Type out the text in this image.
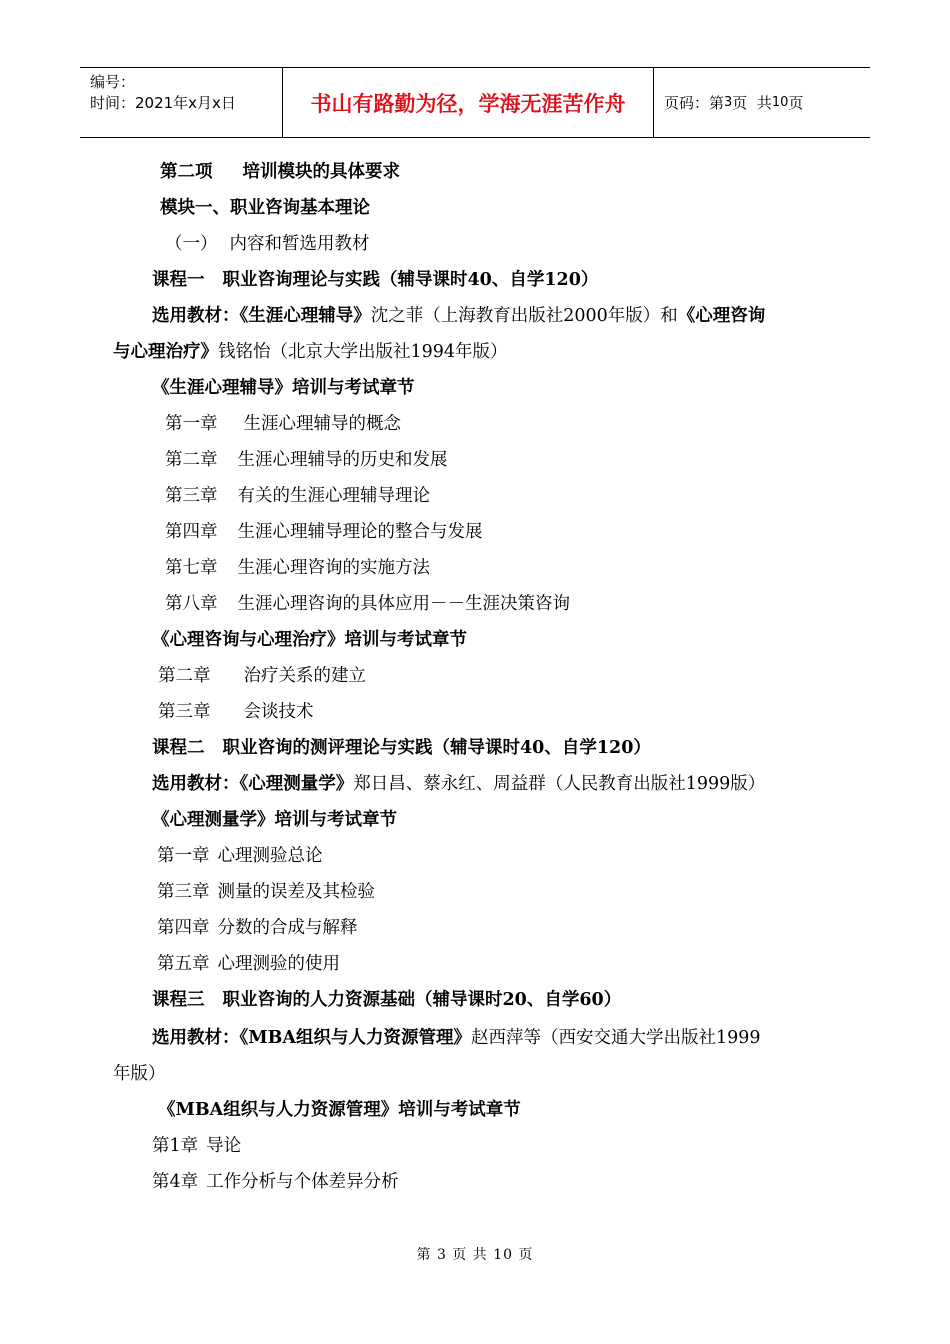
编号：
时间：2021年x月x日	书山有路勤为径，学海无涯苦作舟	页码：第 3 页  共 10 页
第二项 培训模块的具体要求
模块一、职业咨询基本理论
（一） 内容和暂选用教材
课程一 职业咨询理论与实践（辅导课时40、自学120）
选用教材：《生涯心理辅导》沈之菲（上海教育出版社2000年版）和《心理咨询
与心理治疗》钱铭怡（北京大学出版社1994年版）
《生涯心理辅导》培训与考试章节
第一章 生涯心理辅导的概念
第二章 生涯心理辅导的历史和发展
第三章 有关的生涯心理辅导理论
第四章 生涯心理辅导理论的整合与发展
第七章 生涯心理咨询的实施方法
第八章 生涯心理咨询的具体应用－－生涯决策咨询
《心理咨询与心理治疗》培训与考试章节
第二章 治疗关系的建立
第三章 会谈技术
课程二 职业咨询的测评理论与实践（辅导课时40、自学120）
选用教材：《心理测量学》郑日昌、蔡永红、周益群（人民教育出版社1999版）
《心理测量学》培训与考试章节
第一章 心理测验总论
第三章 测量的误差及其检验
第四章 分数的合成与解释
第五章 心理测验的使用
课程三 职业咨询的人力资源基础（辅导课时20、自学60）
选用教材：《MBA组织与人力资源管理》赵西萍等（西安交通大学出版社1999
年版）
《MBA组织与人力资源管理》培训与考试章节
第1章 导论
第4章 工作分析与个体差异分析
第 3 页 共 10 页
